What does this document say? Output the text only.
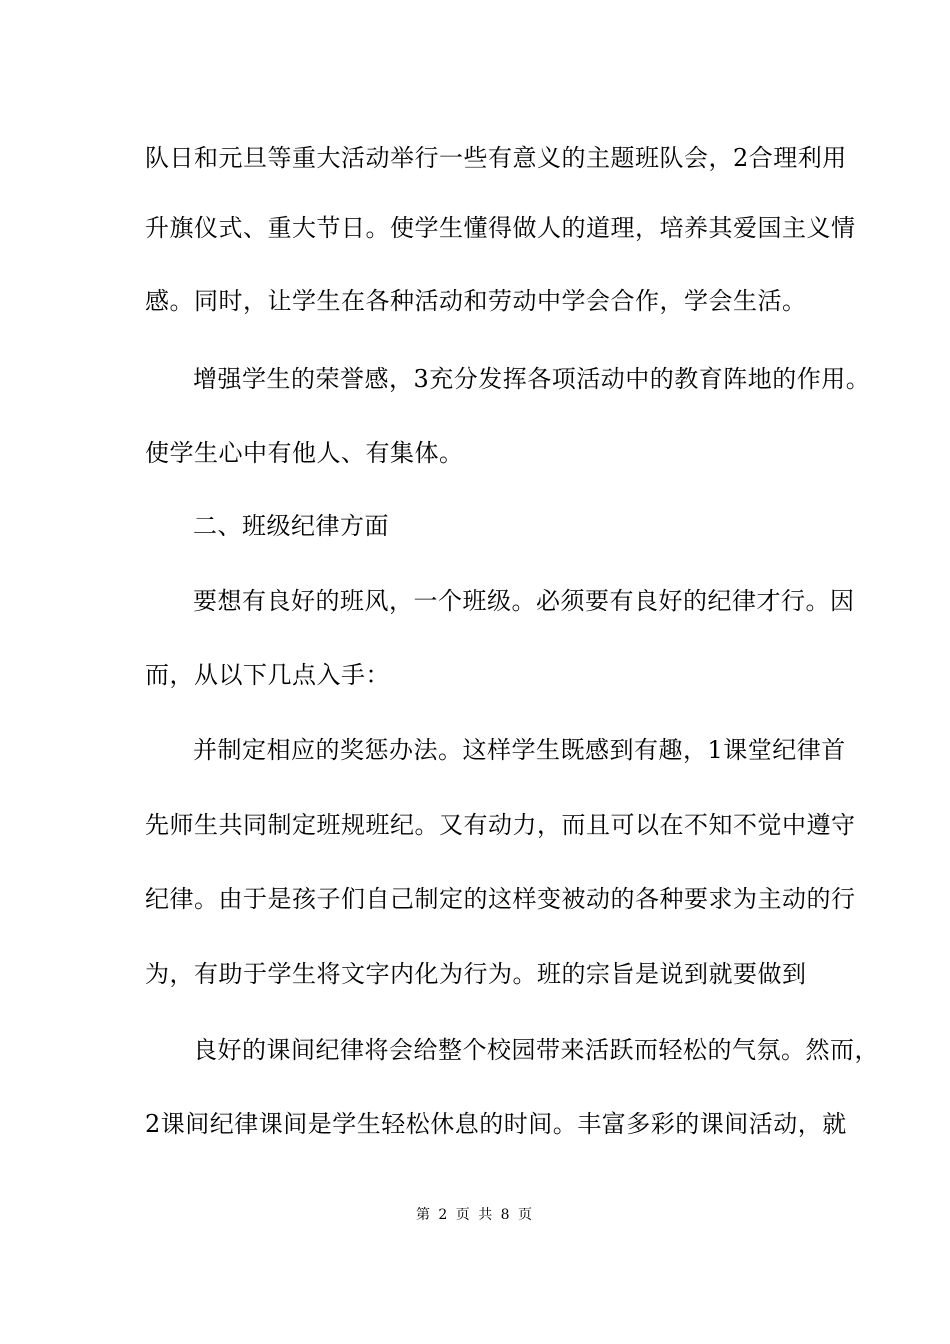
队日和元旦等重大活动举行一些有意义的主题班队会，2合理利用
升旗仪式、重大节日。使学生懂得做人的道理，培养其爱国主义情
感。同时，让学生在各种活动和劳动中学会合作，学会生活。
增强学生的荣誉感，3充分发挥各项活动中的教育阵地的作用。
使学生心中有他人、有集体。
二、班级纪律方面
要想有良好的班风，一个班级。必须要有良好的纪律才行。因
而，从以下几点入手：
并制定相应的奖惩办法。这样学生既感到有趣，1课堂纪律首
先师生共同制定班规班纪。又有动力，而且可以在不知不觉中遵守
纪律。由于是孩子们自己制定的这样变被动的各种要求为主动的行
为，有助于学生将文字内化为行为。班的宗旨是说到就要做到
良好的课间纪律将会给整个校园带来活跃而轻松的气氛。然而，
2课间纪律课间是学生轻松休息的时间。丰富多彩的课间活动，就
第 2 页 共 8 页
